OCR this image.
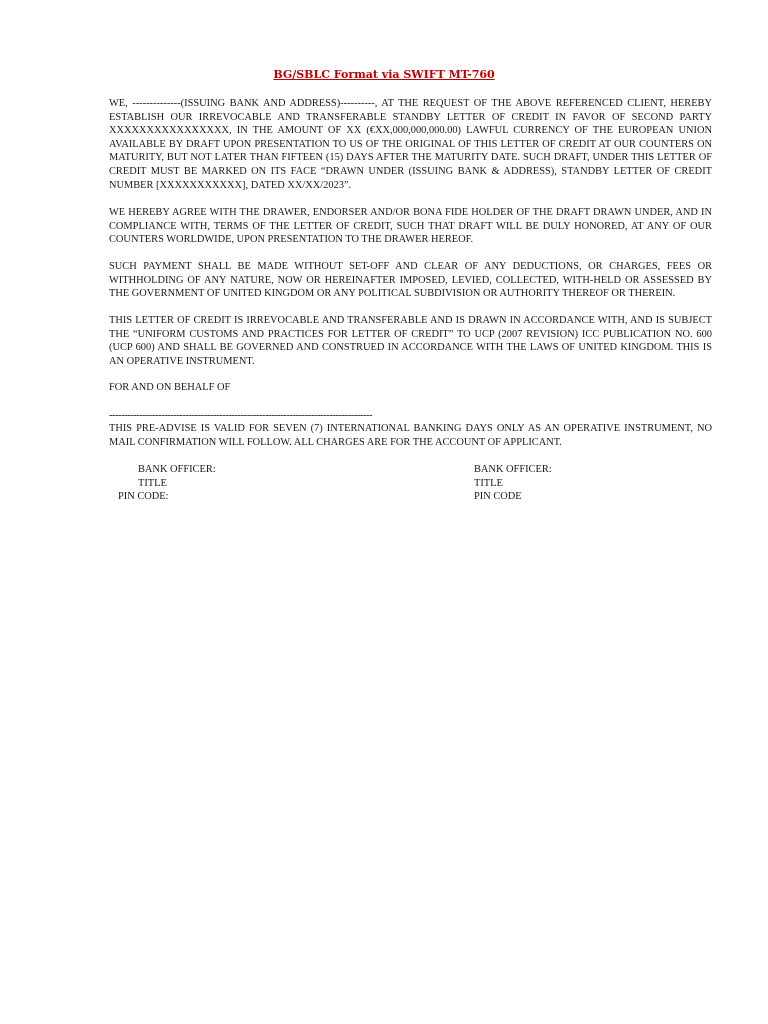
BG/SBLC Format via SWIFT MT-760

WE, --------------(ISSUING BANK AND ADDRESS)----------, AT THE REQUEST OF THE ABOVE REFERENCED CLIENT, HEREBY ESTABLISH OUR IRREVOCABLE AND TRANSFERABLE STANDBY LETTER OF CREDIT IN FAVOR OF SECOND PARTY XXXXXXXXXXXXXXXX, IN THE AMOUNT OF XX (€XX,000,000,000.00) LAWFUL CURRENCY OF THE EUROPEAN UNION AVAILABLE BY DRAFT UPON PRESENTATION TO US OF THE ORIGINAL OF THIS LETTER OF CREDIT AT OUR COUNTERS ON MATURITY, BUT NOT LATER THAN FIFTEEN (15) DAYS AFTER THE MATURITY DATE. SUCH DRAFT, UNDER THIS LETTER OF CREDIT MUST BE MARKED ON ITS FACE “DRAWN UNDER (ISSUING BANK & ADDRESS), STANDBY LETTER OF CREDIT NUMBER [XXXXXXXXXXX], DATED XX/XX/2023”.

WE HEREBY AGREE WITH THE DRAWER, ENDORSER AND/OR BONA FIDE HOLDER OF THE DRAFT DRAWN UNDER, AND IN COMPLIANCE WITH, TERMS OF THE LETTER OF CREDIT, SUCH THAT DRAFT WILL BE DULY HONORED, AT ANY OF OUR COUNTERS WORLDWIDE, UPON PRESENTATION TO THE DRAWER HEREOF.

SUCH PAYMENT SHALL BE MADE WITHOUT SET-OFF AND CLEAR OF ANY DEDUCTIONS, OR CHARGES, FEES OR WITHHOLDING OF ANY NATURE, NOW OR HEREINAFTER IMPOSED, LEVIED, COLLECTED, WITH-HELD OR ASSESSED BY THE GOVERNMENT OF UNITED KINGDOM OR ANY POLITICAL SUBDIVISION OR AUTHORITY THEREOF OR THEREIN.

THIS LETTER OF CREDIT IS IRREVOCABLE AND TRANSFERABLE AND IS DRAWN IN ACCORDANCE WITH, AND IS SUBJECT THE “UNIFORM CUSTOMS AND PRACTICES FOR LETTER OF CREDIT” TO UCP (2007 REVISION) ICC PUBLICATION NO. 600 (UCP 600) AND SHALL BE GOVERNED AND CONSTRUED IN ACCORDANCE WITH THE LAWS OF UNITED KINGDOM. THIS IS AN OPERATIVE INSTRUMENT.

FOR AND ON BEHALF OF

--------------------------------------------------------------------------------------

THIS PRE-ADVISE IS VALID FOR SEVEN (7) INTERNATIONAL BANKING DAYS ONLY AS AN OPERATIVE INSTRUMENT, NO MAIL CONFIRMATION WILL FOLLOW. ALL CHARGES ARE FOR THE ACCOUNT OF APPLICANT.

BANK OFFICER:
TITLE
PIN CODE:
BANK OFFICER:
TITLE
PIN CODE
